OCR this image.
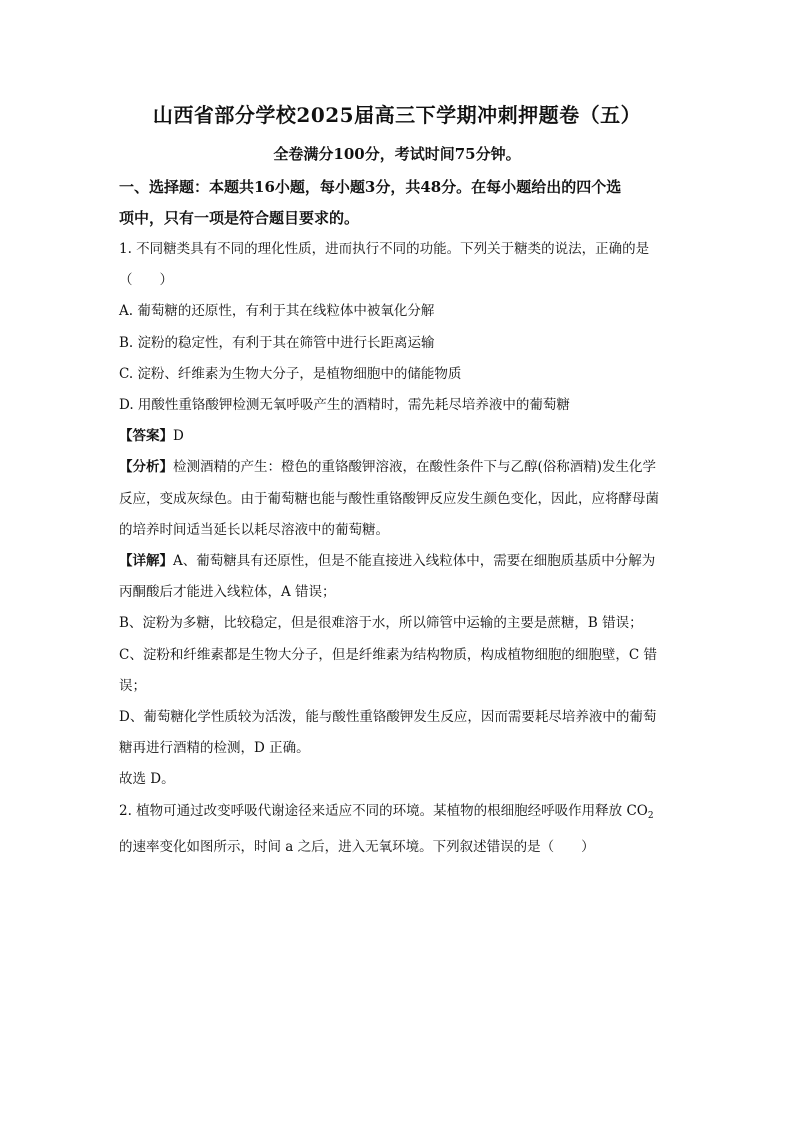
山西省部分学校2025届高三下学期冲刺押题卷（五）
全卷满分100分，考试时间75分钟。
一、选择题：本题共16小题，每小题3分，共48分。在每小题给出的四个选
项中，只有一项是符合题目要求的。
1. 不同糖类具有不同的理化性质，进而执行不同的功能。下列关于糖类的说法，正确的是
（　　）
A. 葡萄糖的还原性，有利于其在线粒体中被氧化分解
B. 淀粉的稳定性，有利于其在筛管中进行长距离运输
C. 淀粉、纤维素为生物大分子，是植物细胞中的储能物质
D. 用酸性重铬酸钾检测无氧呼吸产生的酒精时，需先耗尽培养液中的葡萄糖
【答案】D
【分析】检测酒精的产生：橙色的重铬酸钾溶液，在酸性条件下与乙醇(俗称酒精)发生化学
反应，变成灰绿色。由于葡萄糖也能与酸性重铬酸钾反应发生颜色变化，因此，应将酵母菌
的培养时间适当延长以耗尽溶液中的葡萄糖。
【详解】A、葡萄糖具有还原性，但是不能直接进入线粒体中，需要在细胞质基质中分解为
丙酮酸后才能进入线粒体，A 错误；
B、淀粉为多糖，比较稳定，但是很难溶于水，所以筛管中运输的主要是蔗糖，B 错误；
C、淀粉和纤维素都是生物大分子，但是纤维素为结构物质，构成植物细胞的细胞壁，C 错
误；
D、葡萄糖化学性质较为活泼，能与酸性重铬酸钾发生反应，因而需要耗尽培养液中的葡萄
糖再进行酒精的检测，D 正确。
故选 D。
2. 植物可通过改变呼吸代谢途径来适应不同的环境。某植物的根细胞经呼吸作用释放 $CO_2$
的速率变化如图所示，时间 a 之后，进入无氧环境。下列叙述错误的是（　　）
